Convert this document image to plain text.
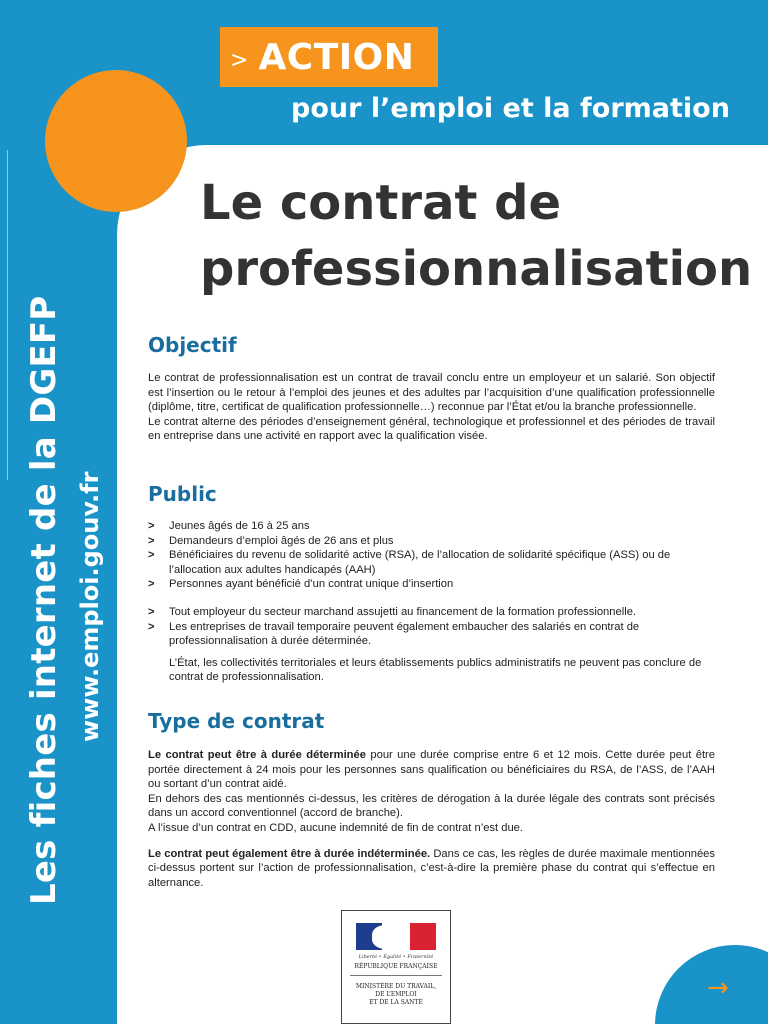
Les fiches internet de la DGEFP www.emploi.gouv.fr
> ACTION
pour l’emploi et la formation
Le contrat de
professionnalisation
Objectif

Le contrat de professionnalisation est un contrat de travail conclu entre un employeur et un salarié. Son objectif est l’insertion ou le retour à l’emploi des jeunes et des adultes par l’acquisition d’une qualification professionnelle (diplôme, titre, certificat de qualification professionnelle…) reconnue par l’État et/ou la branche professionnelle.

Le contrat alterne des périodes d’enseignement général, technologique et professionnel et des périodes de travail en entreprise dans une activité en rapport avec la qualification visée.

Public
> Jeunes âgés de 16 à 25 ans
> Demandeurs d’emploi âgés de 26 ans et plus
> Bénéficiaires du revenu de solidarité active (RSA), de l’allocation de solidarité spécifique (ASS) ou de l’allocation aux adultes handicapés (AAH)
> Personnes ayant bénéficié d’un contrat unique d’insertion
> Tout employeur du secteur marchand assujetti au financement de la formation professionnelle.
> Les entreprises de travail temporaire peuvent également embaucher des salariés en contrat de professionnalisation à durée déterminée.

L’État, les collectivités territoriales et leurs établissements publics administratifs ne peuvent pas conclure de contrat de professionnalisation.

Type de contrat

Le contrat peut être à durée déterminée pour une durée comprise entre 6 et 12 mois. Cette durée peut être portée directement à 24 mois pour les personnes sans qualification ou bénéficiaires du RSA, de l’ASS, de l’AAH ou sortant d’un contrat aidé.

En dehors des cas mentionnés ci-dessus, les critères de dérogation à la durée légale des contrats sont précisés dans un accord conventionnel (accord de branche).

A l’issue d’un contrat en CDD, aucune indemnité de fin de contrat n’est due.

Le contrat peut également être à durée indéterminée. Dans ce cas, les règles de durée maximale mentionnées ci-dessus portent sur l’action de professionnalisation, c’est-à-dire la première phase du contrat qui s’effectue en alternance.

Liberté • Égalité • Fraternité
RÉPUBLIQUE FRANÇAISE
MINISTÈRE DU TRAVAIL,
DE L’EMPLOI
ET DE LA SANTÉ	→
